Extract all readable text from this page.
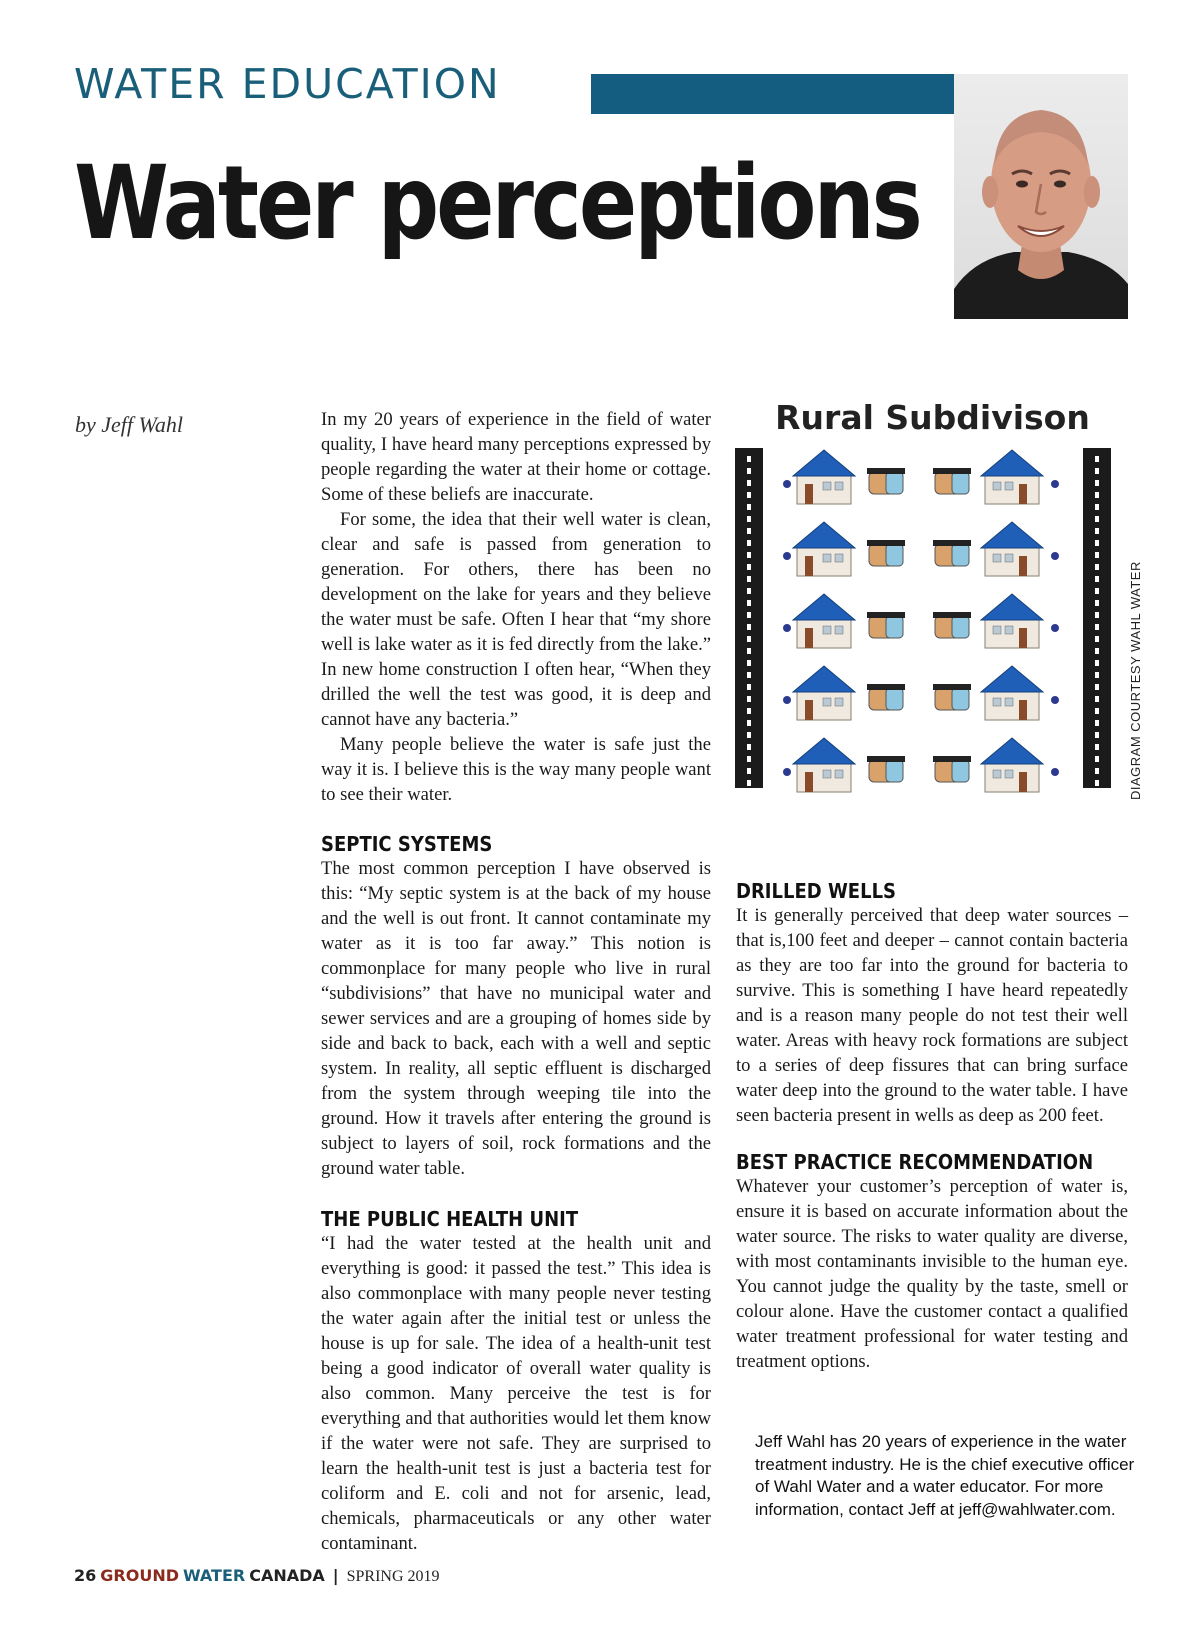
WATER EDUCATION
Water perceptions
by Jeff Wahl	In my 20 years of experience in the field of water quality, I have heard many perceptions expressed by people regarding the water at their home or cottage. Some of these beliefs are inaccurate.

For some, the idea that their well water is clean, clear and safe is passed from generation to generation. For others, there has been no development on the lake for years and they believe the water must be safe. Often I hear that “my shore well is lake water as it is fed directly from the lake.” In new home construction I often hear, “When they drilled the well the test was good, it is deep and cannot have any bacteria.”

Many people believe the water is safe just the way it is. I believe this is the way many people want to see their water.

SEPTIC SYSTEMS

The most common perception I have observed is this: “My septic system is at the back of my house and the well is out front. It cannot contaminate my water as it is too far away.” This notion is commonplace for many people who live in rural “subdivisions” that have no municipal water and sewer services and are a grouping of homes side by side and back to back, each with a well and septic system. In reality, all septic effluent is discharged from the system through weeping tile into the ground. How it travels after entering the ground is subject to layers of soil, rock formations and the ground water table.

THE PUBLIC HEALTH UNIT

“I had the water tested at the health unit and everything is good: it passed the test.” This idea is also commonplace with many people never testing the water again after the initial test or unless the house is up for sale. The idea of a health-unit test being a good indicator of overall water quality is also common. Many perceive the test is for everything and that authorities would let them know if the water were not safe. They are surprised to learn the health-unit test is just a bacteria test for coliform and E. coli and not for arsenic, lead, chemicals, pharmaceuticals or any other water contaminant.

Rural Subdivison
DIAGRAM COURTESY WAHL WATER
DRILLED WELLS

It is generally perceived that deep water sources – that is,100 feet and deeper – cannot contain bacteria as they are too far into the ground for bacteria to survive. This is something I have heard repeatedly and is a reason many people do not test their well water. Areas with heavy rock formations are subject to a series of deep fissures that can bring surface water deep into the ground to the water table. I have seen bacteria present in wells as deep as 200 feet.

BEST PRACTICE RECOMMENDATION

Whatever your customer’s perception of water is, ensure it is based on accurate information about the water source. The risks to water quality are diverse, with most contaminants invisible to the human eye. You cannot judge the quality by the taste, smell or colour alone. Have the customer contact a qualified water treatment professional for water testing and treatment options.

Jeff Wahl has 20 years of experience in the water treatment industry. He is the chief executive officer of Wahl Water and a water educator. For more information, contact Jeff at jeff@wahlwater.com.
26 GROUND WATER CANADA | SPRING 2019
